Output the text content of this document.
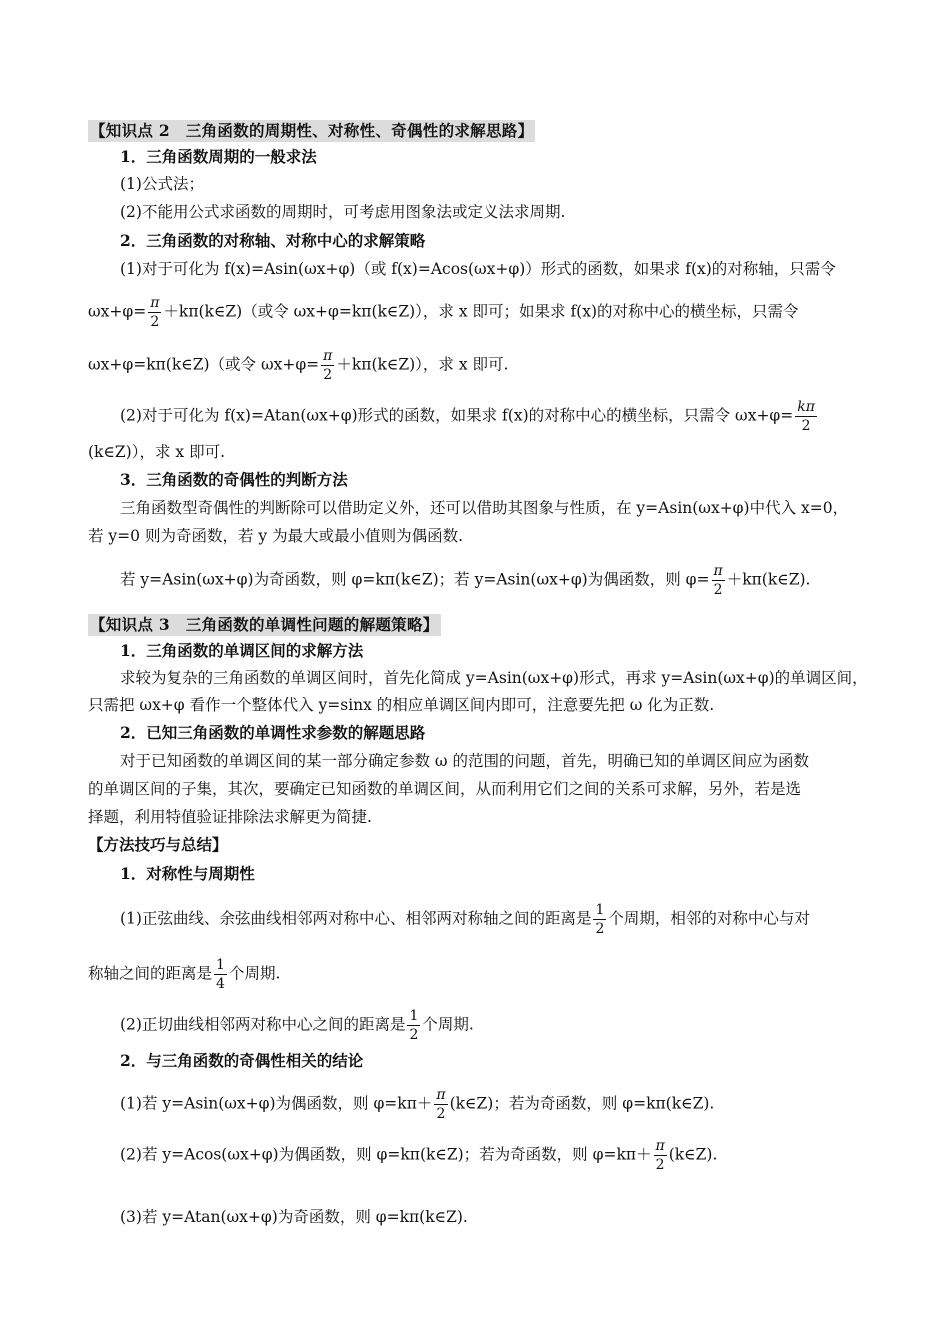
【知识点 2　三角函数的周期性、对称性、奇偶性的求解思路】
1．三角函数周期的一般求法
(1)公式法；
(2)不能用公式求函数的周期时，可考虑用图象法或定义法求周期.
2．三角函数的对称轴、对称中心的求解策略
(1)对于可化为 f(x)=Asin(ωx+φ)（或 f(x)=Acos(ωx+φ)）形式的函数，如果求 f(x)的对称轴，只需令
$\omega x+\varphi= \frac{\pi}{2}$ ＋kπ(k∈Z)（或令 ωx+φ=kπ(k∈Z)），求 x 即可；如果求 f(x)的对称中心的横坐标，只需令
ωx+φ=kπ(k∈Z)（或令 $\omega x+\varphi= \frac{\pi}{2}$ ＋kπ(k∈Z)），求 x 即可.
(2)对于可化为 f(x)=Atan(ωx+φ)形式的函数，如果求 f(x)的对称中心的横坐标，只需令 $\omega x+\varphi= \frac{k\pi}{2}$
(k∈Z)），求 x 即可.
3．三角函数的奇偶性的判断方法
三角函数型奇偶性的判断除可以借助定义外，还可以借助其图象与性质，在 y=Asin(ωx+φ)中代入 x=0，
若 y=0 则为奇函数，若 y 为最大或最小值则为偶函数.
若 y=Asin(ωx+φ)为奇函数，则 φ=kπ(k∈Z)；若 y=Asin(ωx+φ)为偶函数，则 $\varphi= \frac{\pi}{2}$ ＋kπ(k∈Z).
【知识点 3　三角函数的单调性问题的解题策略】
1．三角函数的单调区间的求解方法
求较为复杂的三角函数的单调区间时，首先化简成 y=Asin(ωx+φ)形式，再求 y=Asin(ωx+φ)的单调区间，
只需把 ωx+φ 看作一个整体代入 y=sinx 的相应单调区间内即可，注意要先把 ω 化为正数.
2．已知三角函数的单调性求参数的解题思路
对于已知函数的单调区间的某一部分确定参数 ω 的范围的问题，首先，明确已知的单调区间应为函数
的单调区间的子集，其次，要确定已知函数的单调区间，从而利用它们之间的关系可求解，另外，若是选
择题，利用特值验证排除法求解更为简捷.
【方法技巧与总结】
1．对称性与周期性
(1)正弦曲线、余弦曲线相邻两对称中心、相邻两对称轴之间的距离是 $\frac{1}{2}$ 个周期，相邻的对称中心与对
称轴之间的距离是 $\frac{1}{4}$ 个周期.
(2)正切曲线相邻两对称中心之间的距离是 $\frac{1}{2}$ 个周期.
2．与三角函数的奇偶性相关的结论
(1)若 y=Asin(ωx+φ)为偶函数，则 $\varphi=k\pi+ \frac{\pi}{2}$ (k∈Z)；若为奇函数，则 φ=kπ(k∈Z).
(2)若 y=Acos(ωx+φ)为偶函数，则 φ=kπ(k∈Z)；若为奇函数，则 $\varphi=k\pi+ \frac{\pi}{2}$ (k∈Z).
(3)若 y=Atan(ωx+φ)为奇函数，则 φ=kπ(k∈Z).
